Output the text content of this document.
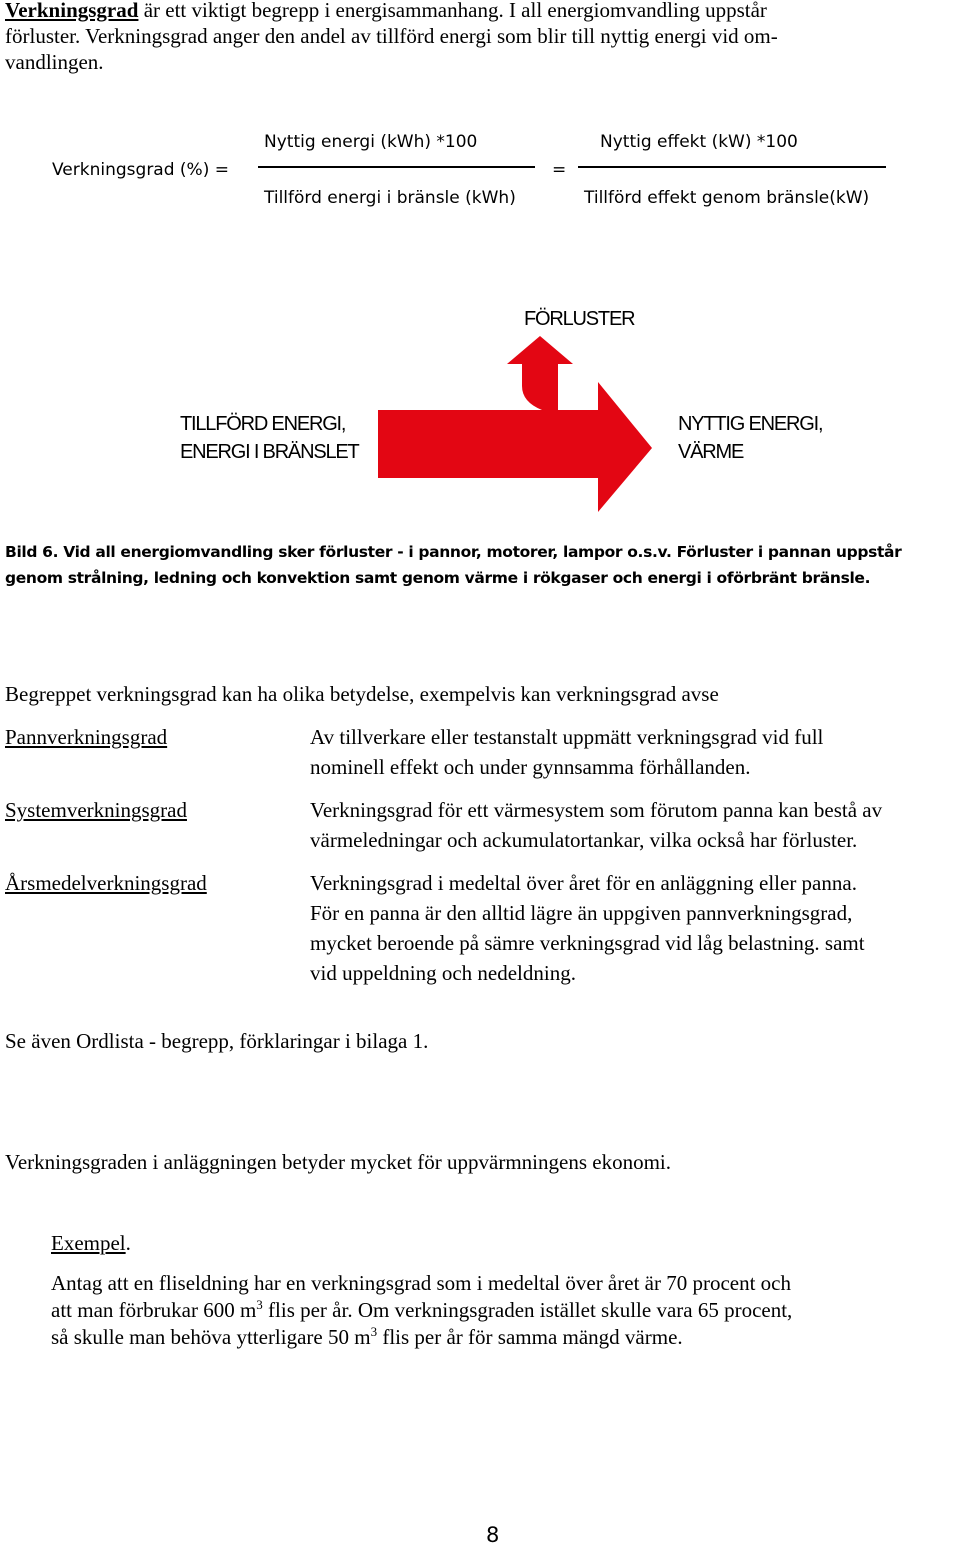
Verkningsgrad är ett viktigt begrepp i energisammanhang. I all energiomvandling uppstår
förluster. Verkningsgrad anger den andel av tillförd energi som blir till nyttig energi vid om-
vandlingen.
Verkningsgrad (%) =
Nyttig energi (kWh) *100
Tillförd energi i bränsle (kWh)
=
Nyttig effekt (kW) *100
Tillförd effekt genom bränsle(kW)
FÖRLUSTER
TILLFÖRD ENERGI,
ENERGI I BRÄNSLET
NYTTIG ENERGI,
VÄRME
Bild 6. Vid all energiomvandling sker förluster - i pannor, motorer, lampor o.s.v. Förluster i pannan uppstår
genom strålning, ledning och konvektion samt genom värme i rökgaser och energi i oförbränt bränsle.
Begreppet verkningsgrad kan ha olika betydelse, exempelvis kan verkningsgrad avse
Pannverkningsgrad	Av tillverkare eller testanstalt uppmätt verkningsgrad vid full
nominell effekt och under gynnsamma förhållanden.
Systemverkningsgrad	Verkningsgrad för ett värmesystem som förutom panna kan bestå av
värmeledningar och ackumulatortankar, vilka också har förluster.
Årsmedelverkningsgrad	Verkningsgrad i medeltal över året för en anläggning eller panna.
För en panna är den alltid lägre än uppgiven pannverkningsgrad,
mycket beroende på sämre verkningsgrad vid låg belastning. samt
vid uppeldning och nedeldning.
Se även Ordlista - begrepp, förklaringar i bilaga 1.
Verkningsgraden i anläggningen betyder mycket för uppvärmningens ekonomi.
Exempel.
Antag att en fliseldning har en verkningsgrad som i medeltal över året är 70 procent och
att man förbrukar 600 $m^3$ flis per år. Om verkningsgraden istället skulle vara 65 procent,
så skulle man behöva ytterligare 50 $m^3$ flis per år för samma mängd värme.
8
